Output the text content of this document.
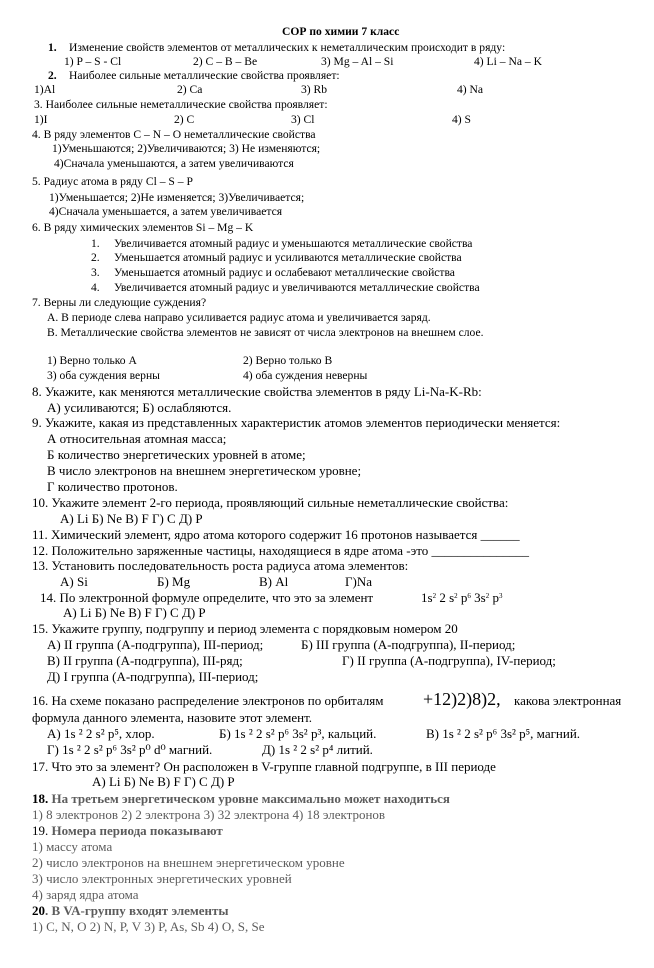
СОР по химии 7 класс
1. Изменение свойств элементов от металлических к неметаллическим происходит в ряду:
1) P – S - Cl	2) C – B – Be	3) Mg – Al – Si	4) Li – Na – K
2. Наиболее сильные металлические свойства проявляет:
1)Al	2) Ca	3) Rb	4) Na
3. Наиболее сильные неметаллические свойства проявляет:
1)I	2) C	3) Cl	4) S
4. В ряду элементов C – N – O неметаллические свойства
1)Уменьшаются; 2)Увеличиваются; 3) Не изменяются;
4)Сначала уменьшаются, а затем увеличиваются
5. Радиус атома в ряду Cl – S – P
1)Уменьшается; 2)Не изменяется; 3)Увеличивается;
4)Сначала уменьшается, а затем увеличивается
6. В ряду химических элементов Si – Mg – K
1. Увеличивается атомный радиус и уменьшаются металлические свойства
2. Уменьшается атомный радиус и усиливаются металлические свойства
3. Уменьшается атомный радиус и ослабевают металлические свойства
4. Увеличивается атомный радиус и увеличиваются металлические свойства
7. Верны ли следующие суждения?
А. В периоде слева направо усиливается радиус атома и увеличивается заряд.
В. Металлические свойства элементов не зависят от числа электронов на внешнем слое.
1) Верно только А	2) Верно только В
3) оба суждения верны	4) оба суждения неверны
8. Укажите, как меняются металлические свойства элементов в ряду Li-Na-K-Rb:
А) усиливаются; Б) ослабляются.
9. Укажите, какая из представленных характеристик атомов элементов периодически меняется:
А относительная атомная масса;
Б количество энергетических уровней в атоме;
В число электронов на внешнем энергетическом уровне;
Г количество протонов.
10. Укажите элемент 2-го периода, проявляющий сильные неметаллические свойства:
А) Li Б) Ne В) F Г) C Д) P
11. Химический элемент, ядро атома которого содержит 16 протонов называется ______
12. Положительно заряженные частицы, находящиеся в ядре атома -это _______________
13. Установить последовательность роста радиуса атома элементов:
А) Si	Б) Mg	В) Al	Г)Na
14. По электронной формуле определите, что это за элемент	$1s^2$ 2 $s^2$ $p^6$ $3s^2$ $p^3$
А) Li Б) Ne В) F Г) C Д) P
15. Укажите группу, подгруппу и период элемента с порядковым номером 20
А) II группа (А-подгруппа), III-период;	Б) III группа (А-подгруппа), II-период;
В) II группа (А-подгруппа), III-ряд;	Г) II группа (А-подгруппа), IV-период;
Д) I группа (А-подгруппа), III-период;
16. На схеме показано распределение электронов по орбиталям +12)2)8)2, какова электронная
формула данного элемента, назовите этот элемент.
А) 1s ² 2 s² p⁵, хлор.	Б) 1s ² 2 s² p⁶ 3s² p³, кальций.	В) 1s ² 2 s² p⁶ 3s² p⁵, магний.
Г) 1s ² 2 s² p⁶ 3s² p⁰ d⁰ магний.	Д) 1s ² 2 s² p⁴ литий.
17. Что это за элемент? Он расположен в V-группе главной подгруппе, в III периоде
А) Li Б) Ne В) F Г) C Д) P
18. На третьем энергетическом уровне максимально может находиться
1) 8 электронов 2) 2 электрона 3) 32 электрона 4) 18 электронов
19. Номера периода показывают
1) массу атома
2) число электронов на внешнем энергетическом уровне
3) число электронных энергетических уровней
4) заряд ядра атома
20. В VA-группу входят элементы
1) C, N, O 2) N, P, V 3) P, As, Sb 4) O, S, Se
